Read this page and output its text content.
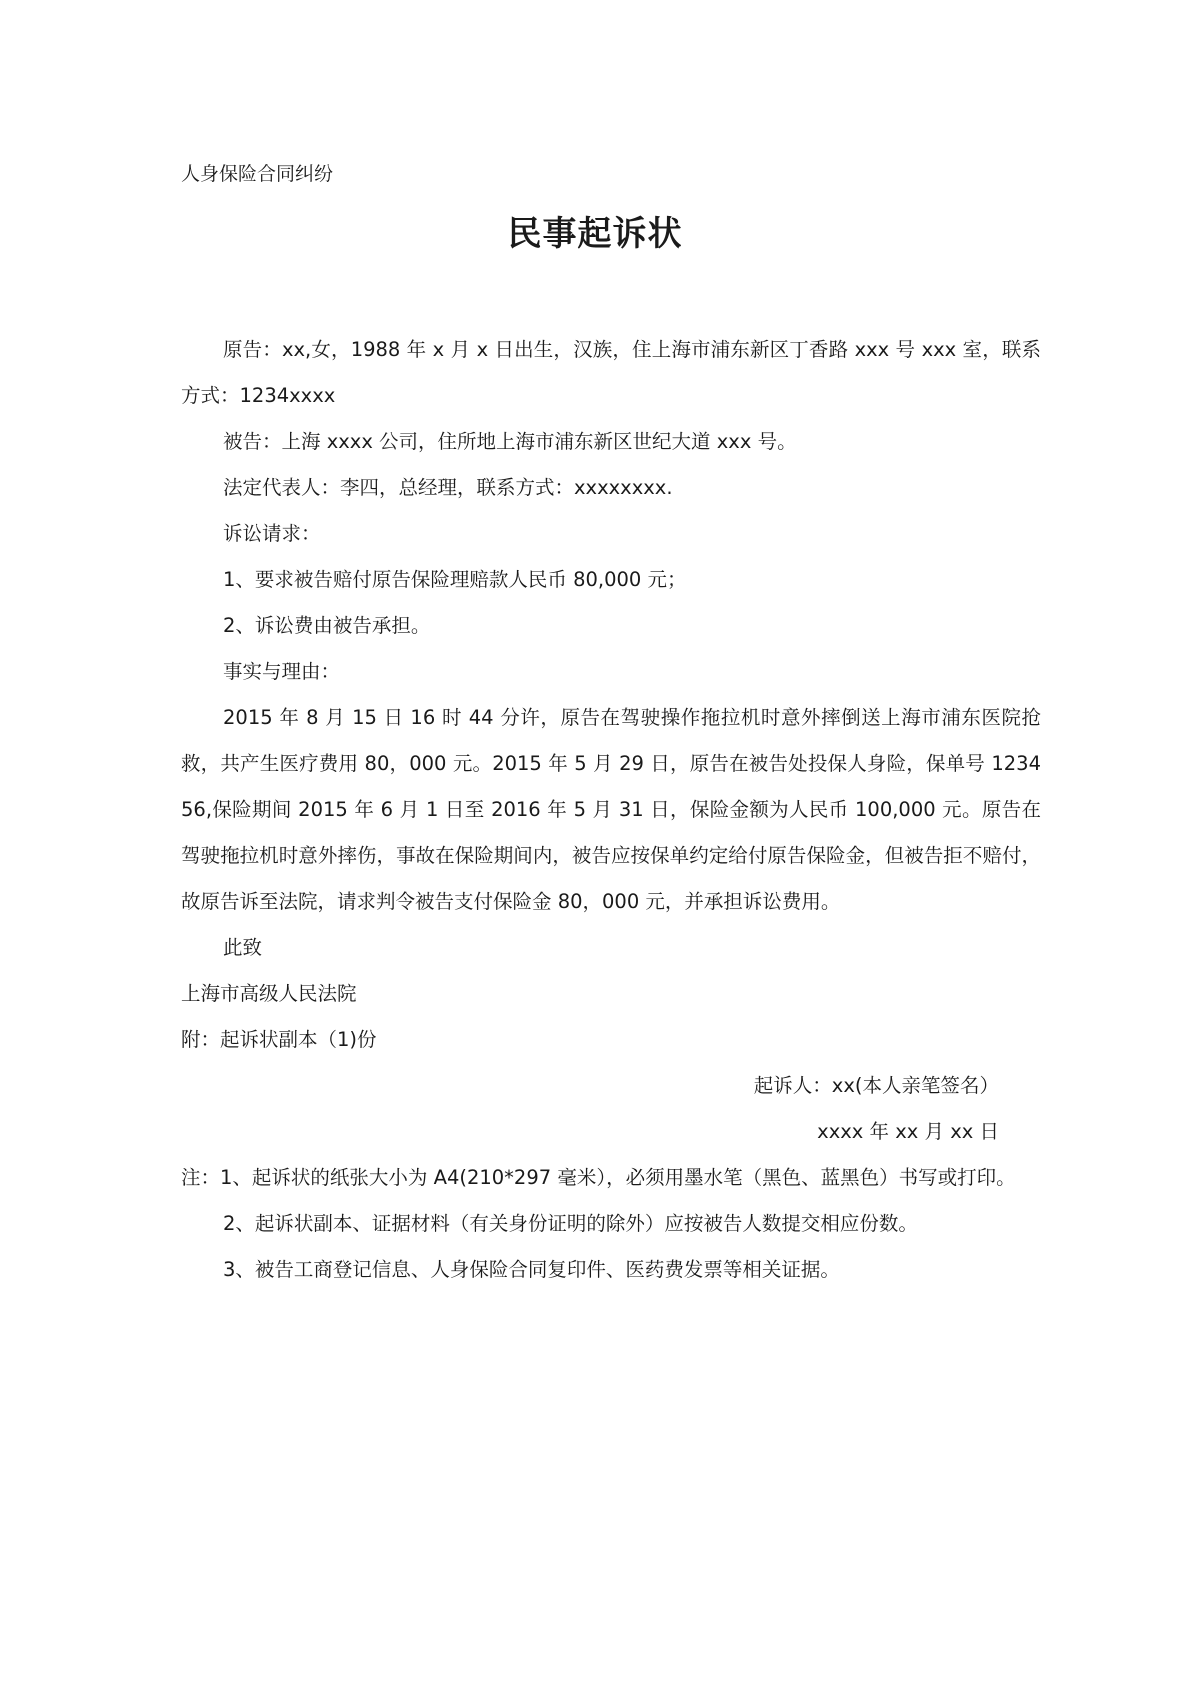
人身保险合同纠纷
民事起诉状

原告：xx,女，1988 年 x 月 x 日出生，汉族，住上海市浦东新区丁香路 xxx 号 xxx 室，联系方式：1234xxxx

被告：上海 xxxx 公司，住所地上海市浦东新区世纪大道 xxx 号。

法定代表人：李四，总经理，联系方式：xxxxxxxx.

诉讼请求：

1、要求被告赔付原告保险理赔款人民币 80,000 元；

2、诉讼费由被告承担。

事实与理由：

2015 年 8 月 15 日 16 时 44 分许，原告在驾驶操作拖拉机时意外摔倒送上海市浦东医院抢救，共产生医疗费用 80，000 元。2015 年 5 月 29 日，原告在被告处投保人身险，保单号 123456,保险期间 2015 年 6 月 1 日至 2016 年 5 月 31 日，保险金额为人民币 100,000 元。原告在驾驶拖拉机时意外摔伤，事故在保险期间内，被告应按保单约定给付原告保险金，但被告拒不赔付，故原告诉至法院，请求判令被告支付保险金 80，000 元，并承担诉讼费用。

此致

上海市高级人民法院

附：起诉状副本（1)份

起诉人：xx(本人亲笔签名）

xxxx 年 xx 月 xx 日

注：1、起诉状的纸张大小为 A4(210*297 毫米），必须用墨水笔（黑色、蓝黑色）书写或打印。

2、起诉状副本、证据材料（有关身份证明的除外）应按被告人数提交相应份数。

3、被告工商登记信息、人身保险合同复印件、医药费发票等相关证据。
